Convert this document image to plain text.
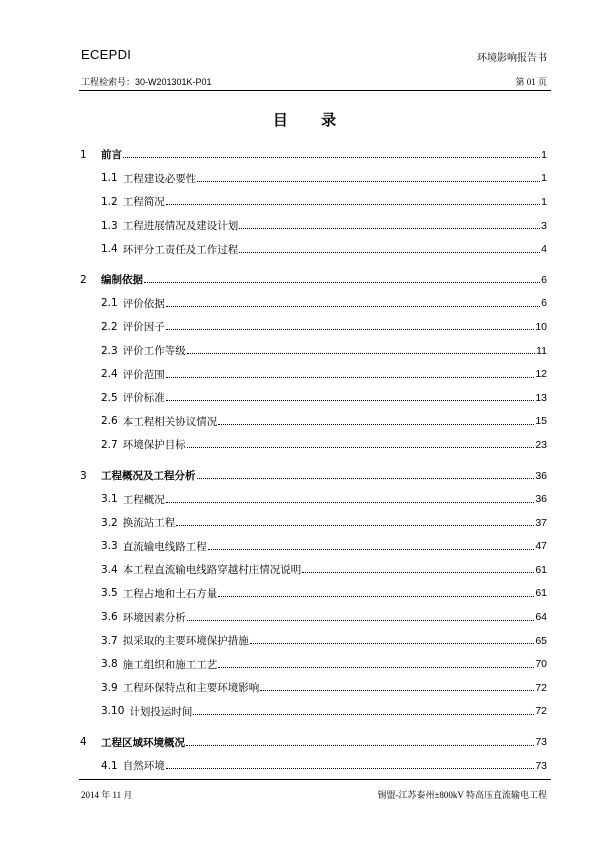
ECEPDI	环境影响报告书
工程检索号：30-W201301K-P01	第 01 页
目 录
1	前言	1
1.1 工程建设必要性	1
1.2 工程简况	1
1.3 工程进展情况及建设计划	3
1.4 环评分工责任及工作过程	4
2	编制依据	6
2.1 评价依据	6
2.2 评价因子	10
2.3 评价工作等级	11
2.4 评价范围	12
2.5 评价标准	13
2.6 本工程相关协议情况	15
2.7 环境保护目标	23
3	工程概况及工程分析	36
3.1 工程概况	36
3.2 换流站工程	37
3.3 直流输电线路工程	47
3.4 本工程直流输电线路穿越村庄情况说明	61
3.5 工程占地和土石方量	61
3.6 环境因素分析	64
3.7 拟采取的主要环境保护措施	65
3.8 施工组织和施工工艺	70
3.9 工程环保特点和主要环境影响	72
3.10 计划投运时间	72
4	工程区域环境概况	73
4.1 自然环境	73
2014 年 11 月	锡盟-江苏泰州±800kV 特高压直流输电工程
